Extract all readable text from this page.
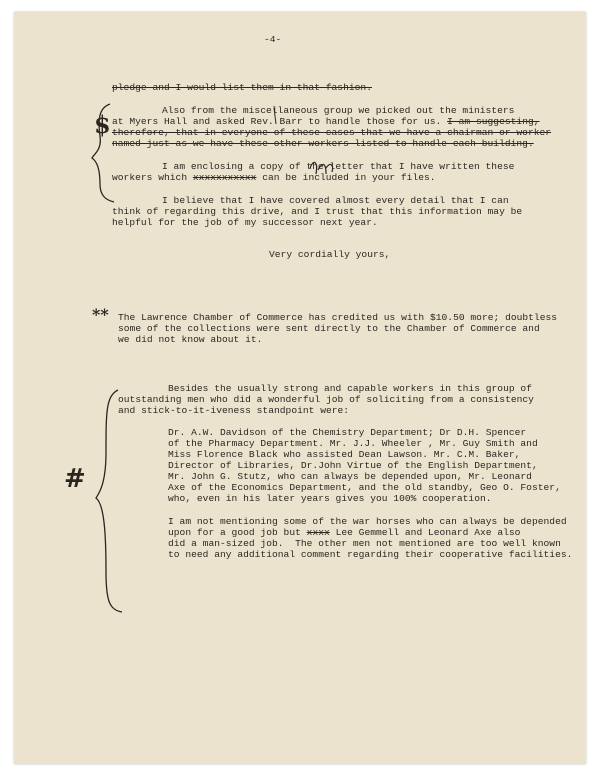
-4-
pledge and I would list them in that fashion.
Also from the miscellaneous group we picked out the ministers
at Myers Hall and asked Rev. Barr to handle those for us. I am suggesting,
therefore, that in everyone of these cases that we have a chairman or worker
named just as we have these other workers listed to handle each building.
I am enclosing a copy of the letter that I have written these
workers which xxxxxxxxxxx can be included in your files.
I believe that I have covered almost every detail that I can
think of regarding this drive, and I trust that this information may be
helpful for the job of my successor next year.
Very cordially yours,
The Lawrence Chamber of Commerce has credited us with $10.50 more; doubtless
some of the collections were sent directly to the Chamber of Commerce and
we did not know about it.
Besides the usually strong and capable workers in this group of
outstanding men who did a wonderful job of soliciting from a consistency
and stick-to-it-iveness standpoint were:
Dr. A.W. Davidson of the Chemistry Department; Dr D.H. Spencer
of the Pharmacy Department. Mr. J.J. Wheeler , Mr. Guy Smith and
Miss Florence Black who assisted Dean Lawson. Mr. C.M. Baker,
Director of Libraries, Dr.John Virtue of the English Department,
Mr. John G. Stutz, who can always be depended upon, Mr. Leonard
Axe of the Economics Department, and the old standby, Geo O. Foster,
who, even in his later years gives you 100% cooperation.
I am not mentioning some of the war horses who can always be depended
upon for a good job but xxxx Lee Gemmell and Leonard Axe also
did a man-sized job.  The other men not mentioned are too well known
to need any additional comment regarding their cooperative facilities.
$
**
#
